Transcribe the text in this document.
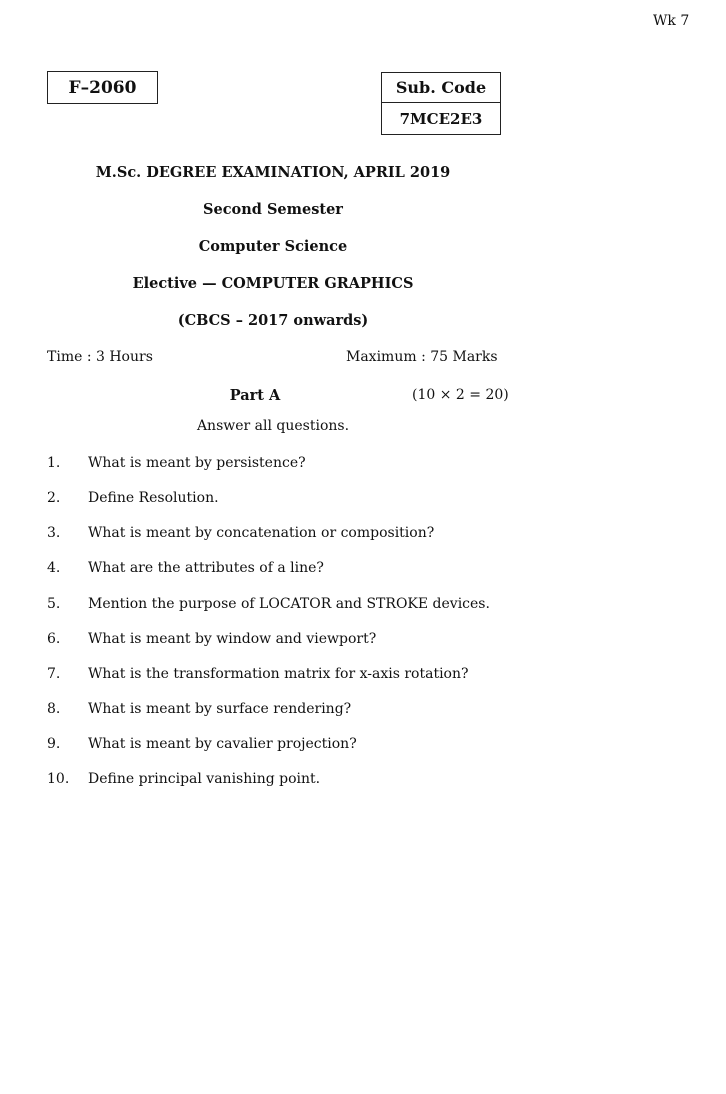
Wk 7
F–2060	Sub. Code
7MCE2E3
M.Sc. DEGREE EXAMINATION, APRIL 2019
Second Semester
Computer Science
Elective — COMPUTER GRAPHICS
(CBCS – 2017 onwards)
Time : 3 Hours	Maximum : 75 Marks
Part A	(10 × 2 = 20)
Answer all questions.
1. What is meant by persistence?
2. Define Resolution.
3. What is meant by concatenation or composition?
4. What are the attributes of a line?
5. Mention the purpose of LOCATOR and STROKE devices.
6. What is meant by window and viewport?
7. What is the transformation matrix for x-axis rotation?
8. What is meant by surface rendering?
9. What is meant by cavalier projection?
10. Define principal vanishing point.
